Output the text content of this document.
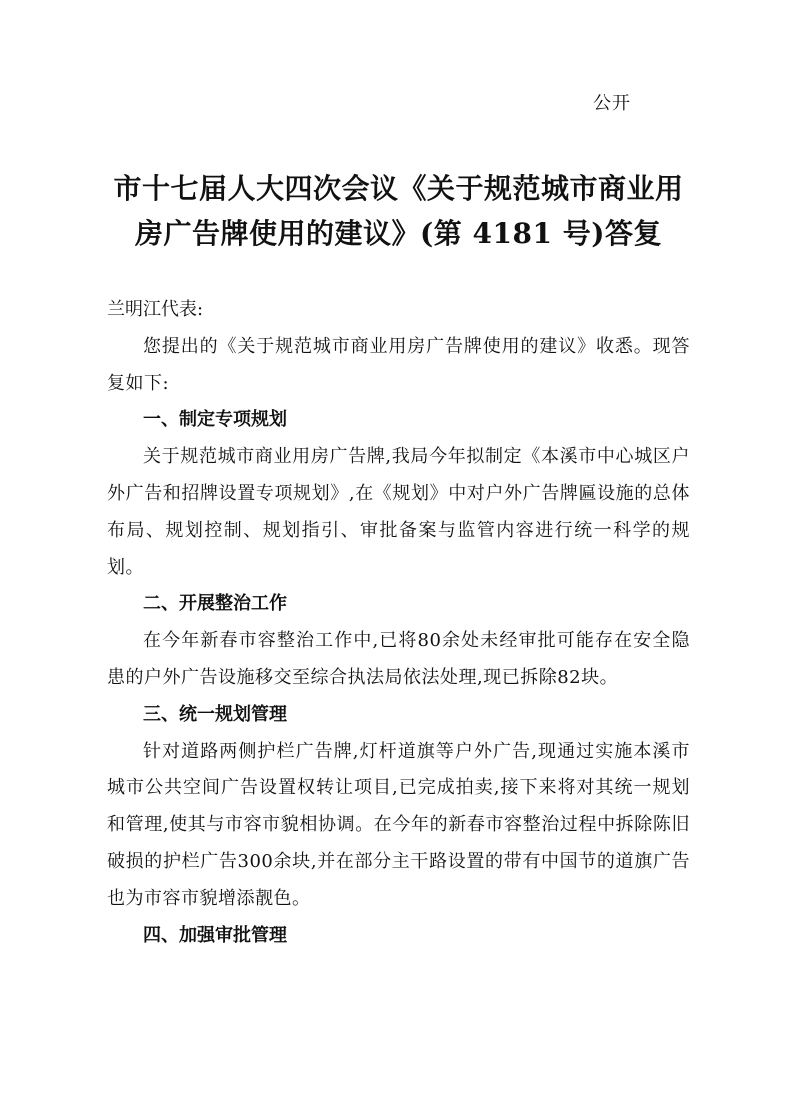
公开
市十七届人大四次会议《关于规范城市商业用
房广告牌使用的建议》(第 4181 号)答复

兰明江代表:

您提出的《关于规范城市商业用房广告牌使用的建议》收悉。现答复如下:

一、制定专项规划

关于规范城市商业用房广告牌,我局今年拟制定《本溪市中心城区户外广告和招牌设置专项规划》,在《规划》中对户外广告牌匾设施的总体布局、规划控制、规划指引、审批备案与监管内容进行统一科学的规划。

二、开展整治工作

在今年新春市容整治工作中,已将80余处未经审批可能存在安全隐患的户外广告设施移交至综合执法局依法处理,现已拆除82块。

三、统一规划管理

针对道路两侧护栏广告牌,灯杆道旗等户外广告,现通过实施本溪市城市公共空间广告设置权转让项目,已完成拍卖,接下来将对其统一规划和管理,使其与市容市貌相协调。在今年的新春市容整治过程中拆除陈旧破损的护栏广告300余块,并在部分主干路设置的带有中国节的道旗广告也为市容市貌增添靓色。

四、加强审批管理
